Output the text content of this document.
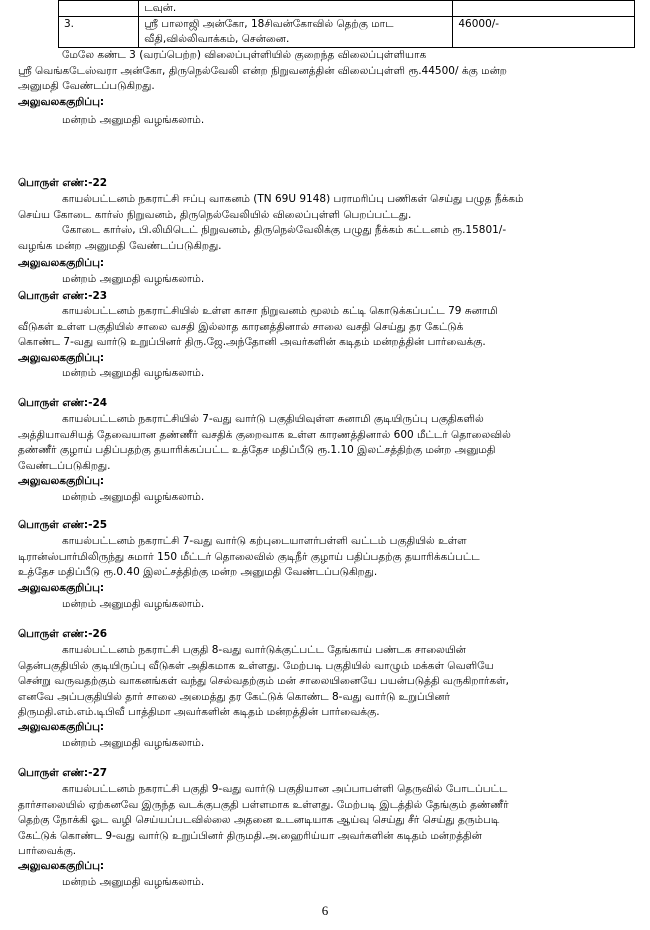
	டவுன்.	
3.	ஸ்ரீ பாலாஜி அன்கோ, 18சிவன்கோவில் தெற்கு மாட
வீதி,வில்லிவாக்கம், சென்னை.	46000/-
மேலே கண்ட 3 (வரப்பெற்ற) விலைப்புள்ளியில் குறைந்த விலைப்புள்ளியாக
ஸ்ரீ வெங்கடேஸ்வரா அன்கோ, திருநெல்வேலி என்ற நிறுவனத்தின் விலைப்புள்ளி ரூ.44500/ க்கு மன்ற
அனுமதி வேண்டப்படுகிறது.
அலுவலககுறிப்பு:
மன்றம் அனுமதி வழங்கலாம்.
பொருள் எண்:-22
காயல்பட்டனம் நகராட்சி ஈப்பு வாகனம் (TN 69U 9148) பராமரிப்பு பணிகள் செய்து பழுத நீக்கம்
செய்ய கோடை கார்ஸ் நிறுவனம், திருநெல்வேலியில் விலைப்புள்ளி பெறப்பட்டது.
கோடை கார்ஸ், பி.லிமிடெட் நிறுவனம், திருநெல்வேலிக்கு பழுது நீக்கம் கட்டனம் ரூ.15801/-
வழங்க மன்ற அனுமதி வேண்டப்படுகிறது.
அலுவலககுறிப்பு:
மன்றம் அனுமதி வழங்கலாம்.
பொருள் எண்:-23
காயல்பட்டனம் நகராட்சியில் உள்ள காசா நிறுவனம் மூலம் கட்டி கொடுக்கப்பட்ட 79 சுனாமி
வீடுகள் உள்ள பகுதியில் சாலை வசதி இல்லாத காரனத்தினால் சாலை வசதி செய்து தர கேட்டுக்
கொண்ட 7-வது வார்டு உறுப்பினர் திரு.ஜே.அந்தோனி அவர்களின் கடிதம் மன்றத்தின் பார்வைக்கு.
அலுவலககுறிப்பு:
மன்றம் அனுமதி வழங்கலாம்.
பொருள் எண்:-24
காயல்பட்டனம் நகராட்சியில் 7-வது வார்டு பகுதியிவுள்ள சுனாமி குடியிருப்பு பகுதிகளில்
அத்தியாவசியத் தேவையான தண்ணீர் வசதிக் குறைவாக உள்ள காரணத்தினால் 600 மீட்டர் தொலைவில்
தண்ணீர் குழாய் பதிப்பதற்கு தயாரிக்கப்பட்ட உத்தேச மதிப்பீடு ரூ.1.10 இலட்சத்திற்கு மன்ற அனுமதி
வேண்டப்படுகிறது.
அலுவலககுறிப்பு:
மன்றம் அனுமதி வழங்கலாம்.
பொருள் எண்:-25
காயல்பட்டனம் நகராட்சி 7-வது வார்டு கற்புடையாளர்பள்ளி வட்டம் பகுதியில் உள்ள
டிரான்ஸ்பார்மிலிருந்து சுமார் 150 மீட்டர் தொலைவில் குடிநீர் குழாய் பதிப்பதற்கு தயாரிக்கப்பட்ட
உத்தேச மதிப்பீடு ரூ.0.40 இலட்சத்திற்கு மன்ற அனுமதி வேண்டப்படுகிறது.
அலுவலககுறிப்பு:
மன்றம் அனுமதி வழங்கலாம்.
பொருள் எண்:-26
காயல்பட்டனம் நகராட்சி பகுதி 8-வது வார்டுக்குட்பட்ட தேங்காய் பண்டக சாலையின்
தென்பகுதியில் குடியிருப்பு வீடுகள் அதிகமாக உள்ளது. மேற்படி பகுதியில் வாழும் மக்கள் வெளியே
சென்று வருவதற்கும் வாகனங்கள் வந்து செல்வதற்கும் மன் சாலையினையே பயன்படுத்தி வருகிறார்கள்,
எனவே அப்பகுதியில் தார் சாலை அமைத்து தர கேட்டுக் கொண்ட 8-வது வார்டு உறுப்பினர்
திருமதி.எம்.எம்.டிபிவீ பாத்திமா அவர்களின் கடிதம் மன்றத்தின் பார்வைக்கு.
அலுவலககுறிப்பு:
மன்றம் அனுமதி வழங்கலாம்.
பொருள் எண்:-27
காயல்பட்டனம் நகராட்சி பகுதி 9-வது வார்டு பகுதியான அப்பாபள்ளி தெருவில் போடப்பட்ட
தார்சாலையில் ஏற்கனவே இருந்த வடக்குபகுதி பள்ளமாக உள்ளது. மேற்படி இடத்தில் தேங்கும் தண்ணீர்
தெற்கு நோக்கி ஓட வழி செய்யப்படவில்லை அதனை உடனடியாக ஆய்வு செய்து சீர் செய்து தரும்படி
கேட்டுக் கொண்ட 9-வது வார்டு உறுப்பினர் திருமதி.அ.ஹைரிய்யா அவர்களின் கடிதம் மன்றத்தின்
பார்வைக்கு.
அலுவலககுறிப்பு:
மன்றம் அனுமதி வழங்கலாம்.
6
